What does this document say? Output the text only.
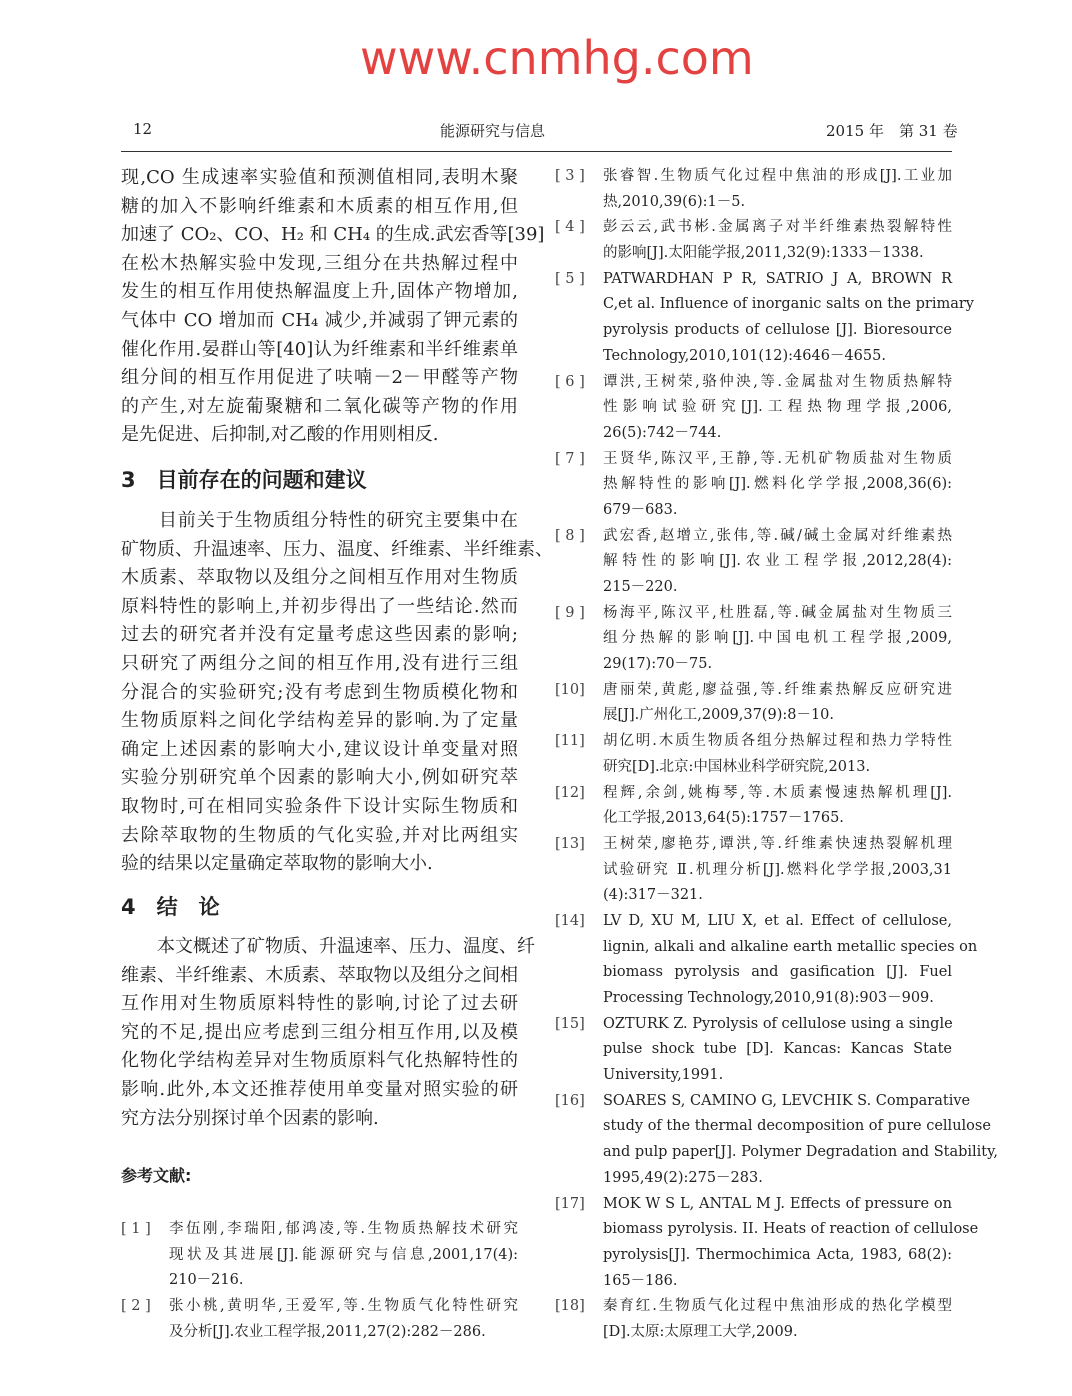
www.cnmhg.com
12	能源研究与信息	2015 年　第 31 卷
现,CO 生成速率实验值和预测值相同,表明木聚
糖的加入不影响纤维素和木质素的相互作用,但
加速了 CO₂、CO、H₂ 和 CH₄ 的生成.武宏香等[39]
在松木热解实验中发现,三组分在共热解过程中
发生的相互作用使热解温度上升,固体产物增加,
气体中 CO 增加而 CH₄ 减少,并减弱了钾元素的
催化作用.晏群山等[40]认为纤维素和半纤维素单
组分间的相互作用促进了呋喃－2－甲醛等产物
的产生,对左旋葡聚糖和二氧化碳等产物的作用
是先促进、后抑制,对乙酸的作用则相反.
3　目前存在的问题和建议
　　目前关于生物质组分特性的研究主要集中在
矿物质、升温速率、压力、温度、纤维素、半纤维素、
木质素、萃取物以及组分之间相互作用对生物质
原料特性的影响上,并初步得出了一些结论.然而
过去的研究者并没有定量考虑这些因素的影响;
只研究了两组分之间的相互作用,没有进行三组
分混合的实验研究;没有考虑到生物质模化物和
生物质原料之间化学结构差异的影响.为了定量
确定上述因素的影响大小,建议设计单变量对照
实验分别研究单个因素的影响大小,例如研究萃
取物时,可在相同实验条件下设计实际生物质和
去除萃取物的生物质的气化实验,并对比两组实
验的结果以定量确定萃取物的影响大小.
4　结　论
　　本文概述了矿物质、升温速率、压力、温度、纤
维素、半纤维素、木质素、萃取物以及组分之间相
互作用对生物质原料特性的影响,讨论了过去研
究的不足,提出应考虑到三组分相互作用,以及模
化物化学结构差异对生物质原料气化热解特性的
影响.此外,本文还推荐使用单变量对照实验的研
究方法分别探讨单个因素的影响.
参考文献:
[ 1 ] 李伍刚,李瑞阳,郁鸿凌,等.生物质热解技术研究
现状及其进展[J].能源研究与信息,2001,17(4):
210－216.
[ 2 ] 张小桃,黄明华,王爱军,等.生物质气化特性研究
及分析[J].农业工程学报,2011,27(2):282－286.
[ 3 ] 张睿智.生物质气化过程中焦油的形成[J].工业加
热,2010,39(6):1－5.
[ 4 ] 彭云云,武书彬.金属离子对半纤维素热裂解特性
的影响[J].太阳能学报,2011,32(9):1333－1338.
[ 5 ] PATWARDHAN P R, SATRIO J A, BROWN R
C,et al. Influence of inorganic salts on the primary
pyrolysis products of cellulose [J]. Bioresource
Technology,2010,101(12):4646－4655.
[ 6 ] 谭洪,王树荣,骆仲泱,等.金属盐对生物质热解特
性影响试验研究[J].工程热物理学报,2006,
26(5):742－744.
[ 7 ] 王贤华,陈汉平,王静,等.无机矿物质盐对生物质
热解特性的影响[J].燃料化学学报,2008,36(6):
679－683.
[ 8 ] 武宏香,赵增立,张伟,等.碱/碱土金属对纤维素热
解特性的影响[J].农业工程学报,2012,28(4):
215－220.
[ 9 ] 杨海平,陈汉平,杜胜磊,等.碱金属盐对生物质三
组分热解的影响[J].中国电机工程学报,2009,
29(17):70－75.
[10] 唐丽荣,黄彪,廖益强,等.纤维素热解反应研究进
展[J].广州化工,2009,37(9):8－10.
[11] 胡亿明.木质生物质各组分热解过程和热力学特性
研究[D].北京:中国林业科学研究院,2013.
[12] 程辉,余剑,姚梅琴,等.木质素慢速热解机理[J].
化工学报,2013,64(5):1757－1765.
[13] 王树荣,廖艳芬,谭洪,等.纤维素快速热裂解机理
试验研究 Ⅱ.机理分析[J].燃料化学学报,2003,31
(4):317－321.
[14] LV D, XU M, LIU X, et al. Effect of cellulose,
lignin, alkali and alkaline earth metallic species on
biomass pyrolysis and gasification [J]. Fuel
Processing Technology,2010,91(8):903－909.
[15] OZTURK Z. Pyrolysis of cellulose using a single
pulse shock tube [D]. Kancas: Kancas State
University,1991.
[16] SOARES S, CAMINO G, LEVCHIK S. Comparative
study of the thermal decomposition of pure cellulose
and pulp paper[J]. Polymer Degradation and Stability,
1995,49(2):275－283.
[17] MOK W S L, ANTAL M J. Effects of pressure on
biomass pyrolysis. II. Heats of reaction of cellulose
pyrolysis[J]. Thermochimica Acta, 1983, 68(2):
165－186.
[18] 秦育红.生物质气化过程中焦油形成的热化学模型
[D].太原:太原理工大学,2009.
